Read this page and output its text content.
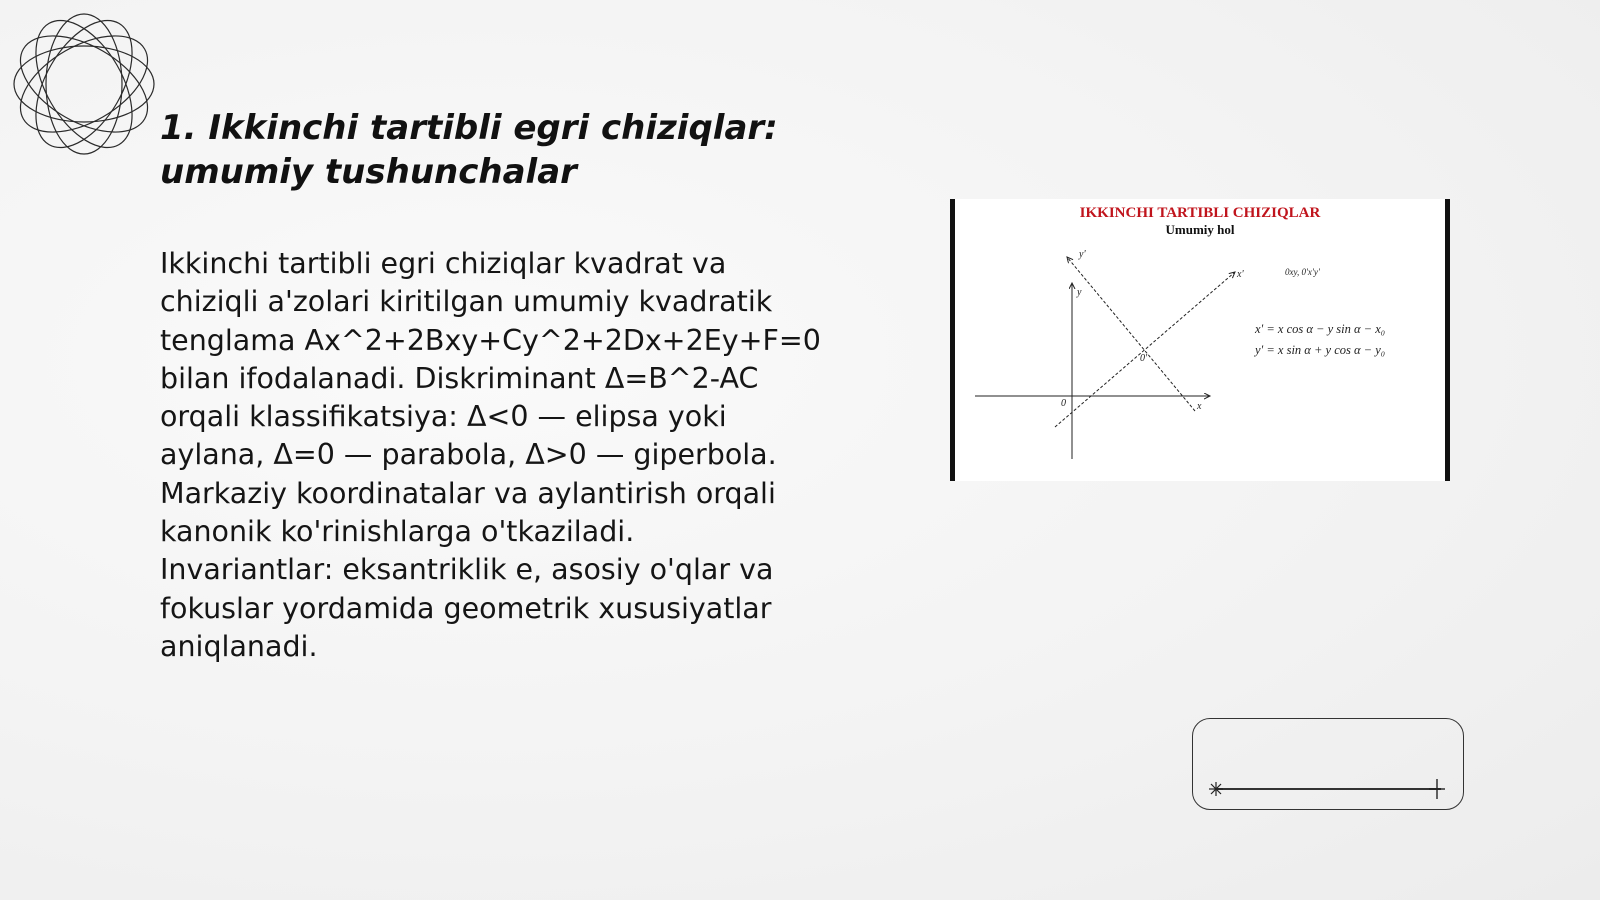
1. Ikkinchi tartibli egri chiziqlar:
umumiy tushunchalar

Ikkinchi tartibli egri chiziqlar kvadrat va
chiziqli a'zolari kiritilgan umumiy kvadratik
tenglama Ax^2+2Bxy+Cy^2+2Dx+2Ey+F=0
bilan ifodalanadi. Diskriminant Δ=B^2-AC
orqali klassifikatsiya: Δ<0 — elipsa yoki
aylana, Δ=0 — parabola, Δ>0 — giperbola.
Markaziy koordinatalar va aylantirish orqali
kanonik ko'rinishlarga o'tkaziladi.
Invariantlar: eksantriklik e, asosiy o'qlar va
fokuslar yordamida geometrik xususiyatlar
aniqlanadi.

IKKINCHI TARTIBLI CHIZIQLAR
Umumiy hol
y'
y
x'
x
0
0'
0xy, 0'x'y'
x' = x cos α − y sin α − x₀
y' = x sin α + y cos α − y₀
